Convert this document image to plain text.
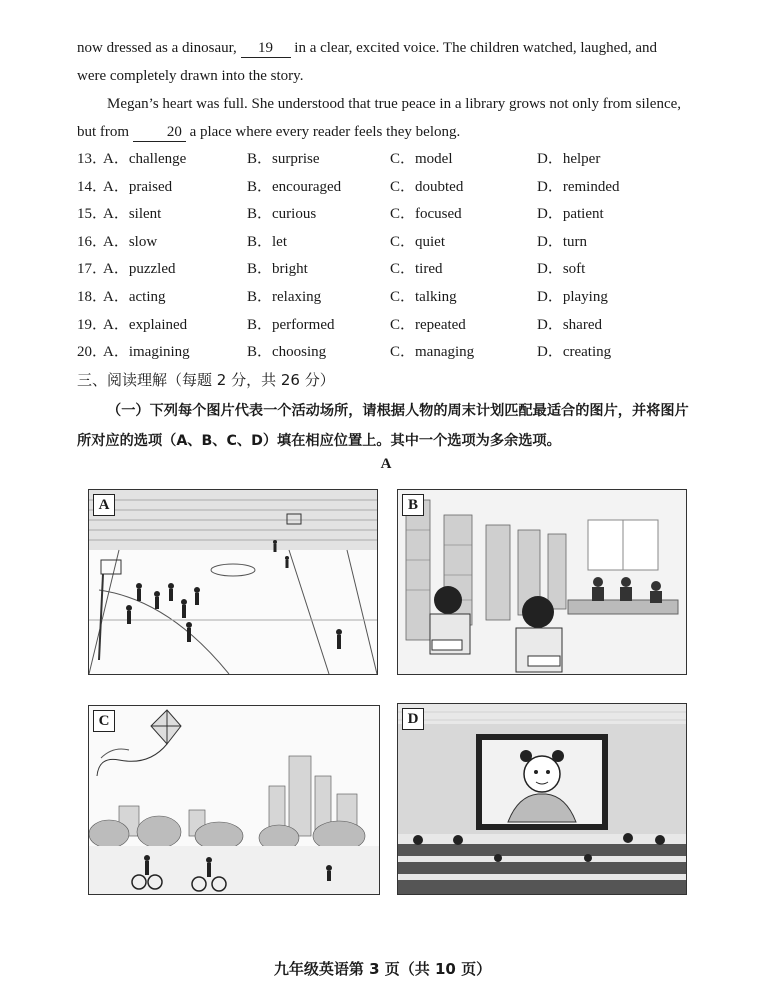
now dressed as a dinosaur, 19 in a clear, excited voice. The children watched, laughed, and were completely drawn into the story.
Megan’s heart was full. She understood that true peace in a library grows not only from silence, but from 20 a place where every reader feels they belong.
13．
A．challenge	B．surprise	C．model	D．helper
14．
A．praised	B．encouraged	C．doubted	D．reminded
15．
A．silent	B．curious	C．focused	D．patient
16．
A．slow	B．let	C．quiet	D．turn
17．
A．puzzled	B．bright	C．tired	D．soft
18．
A．acting	B．relaxing	C．talking	D．playing
19．
A．explained	B．performed	C．repeated	D．shared
20．
A．imagining	B．choosing	C．managing	D．creating
三、阅读理解（每题 2 分，共 26 分）
（一）下列每个图片代表一个活动场所，请根据人物的周末计划匹配最适合的图片，并将图片所对应的选项（A、B、C、D）填在相应位置上。其中一个选项为多余选项。
A
A	B
C	D
九年级英语第 3 页（共 10 页）
